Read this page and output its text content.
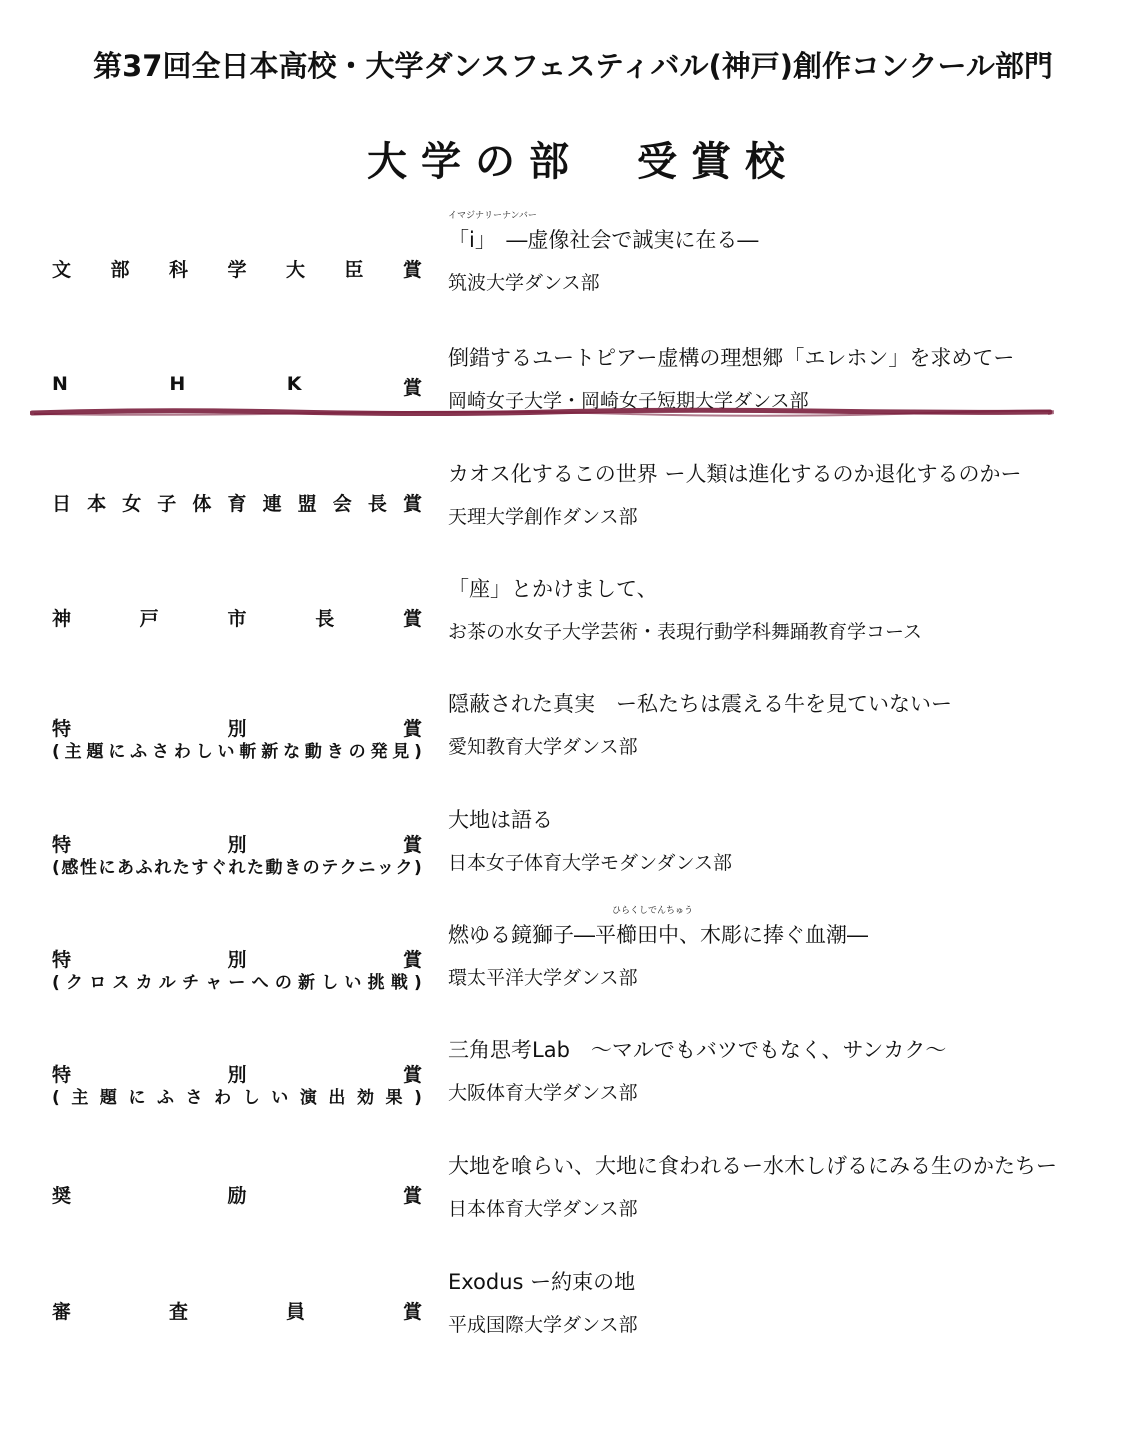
第37回全日本高校・大学ダンスフェスティバル(神戸)創作コンクール部門
大学の部　受賞校
文 部 科 学 大 臣 賞
イマジナリーナンバー
「i」　―虚像社会で誠実に在る―
筑波大学ダンス部
N	H	K	賞
倒錯するユートピアー虚構の理想郷「エレホン」を求めてー
岡崎女子大学・岡崎女子短期大学ダンス部
日 本 女 子 体 育 連 盟 会 長 賞
カオス化するこの世界 ー人類は進化するのか退化するのかー
天理大学創作ダンス部
神	戸	市	長	賞
「座」とかけまして、
お茶の水女子大学芸術・表現行動学科舞踊教育学コース
特	別	賞
( 主 題 に ふ さ わ し い 斬 新 な 動 き の 発 見 )
隠蔽された真実　ー私たちは震える牛を見ていないー
愛知教育大学ダンス部
特	別	賞
( 感 性 に あ ふ れ た す ぐ れ た 動 き の テ ク ニ ッ ク )
大地は語る
日本女子体育大学モダンダンス部
特	別	賞
( ク ロ ス カ ル チ ャ ー へ の 新 し い 挑 戦 )
ひらくしでんちゅう
燃ゆる鏡獅子―平櫛田中、木彫に捧ぐ血潮―
環太平洋大学ダンス部
特	別	賞
( 主 題 に ふ さ わ し い 演 出 効 果 )
三角思考Lab　～マルでもバツでもなく、サンカク～
大阪体育大学ダンス部
奨	励	賞
大地を喰らい、大地に食われるー水木しげるにみる生のかたちー
日本体育大学ダンス部
審	査	員	賞
Exodus ー約束の地
平成国際大学ダンス部
